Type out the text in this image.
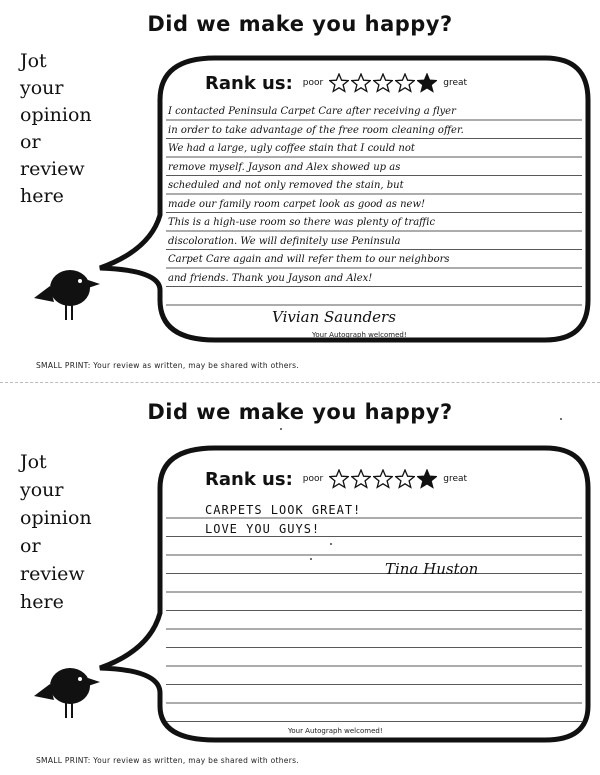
Did we make you happy?
Jot
your
opinion
or
review
here
Rank us: poor	great
I contacted Peninsula Carpet Care after receiving a flyer
in order to take advantage of the free room cleaning offer.
We had a large, ugly coffee stain that I could not
remove myself. Jayson and Alex showed up as
scheduled and not only removed the stain, but
made our family room carpet look as good as new!
This is a high-use room so there was plenty of traffic
discoloration. We will definitely use Peninsula
Carpet Care again and will refer them to our neighbors
and friends. Thank you Jayson and Alex!
Vivian Saunders
Your Autograph welcomed!
SMALL PRINT: Your review as written, may be shared with others.
Did we make you happy?
Jot
your
opinion
or
review
here
Rank us: poor	great
CARPETS LOOK GREAT!
LOVE YOU GUYS!
Tina Huston
Your Autograph welcomed!
SMALL PRINT: Your review as written, may be shared with others.
